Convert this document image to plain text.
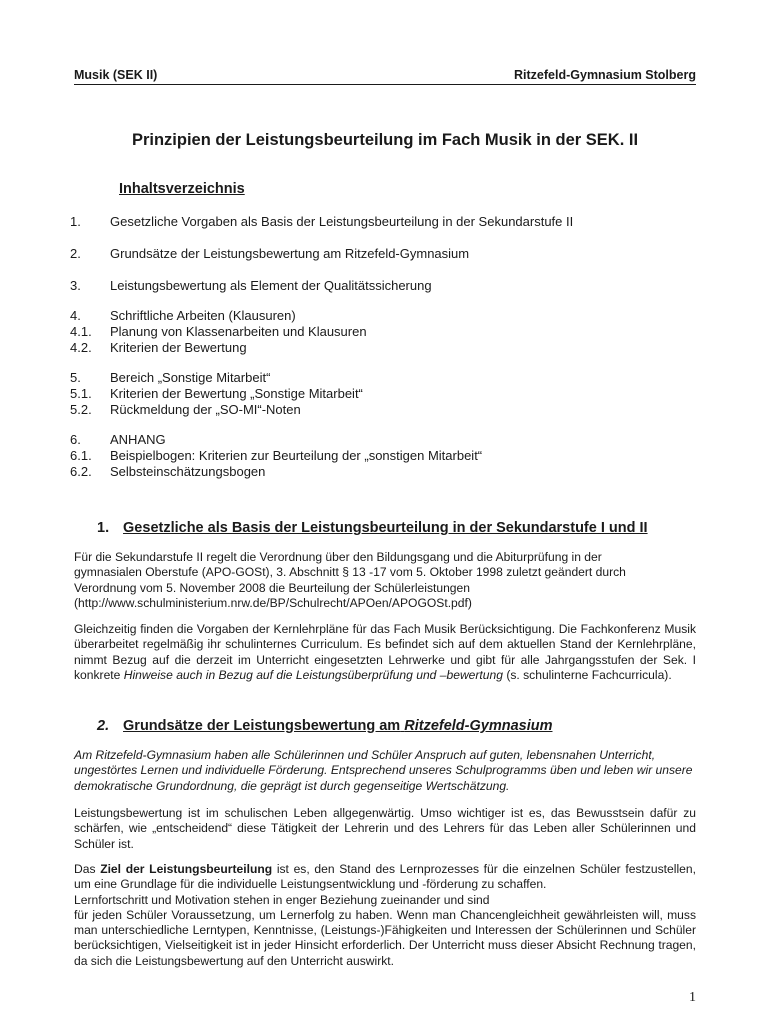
Musik (SEK II)	Ritzefeld-Gymnasium Stolberg
Prinzipien der Leistungsbeurteilung im Fach Musik in der SEK. II
Inhaltsverzeichnis
1.	Gesetzliche Vorgaben als Basis der Leistungsbeurteilung in der Sekundarstufe II
2.	Grundsätze der Leistungsbewertung am Ritzefeld-Gymnasium
3.	Leistungsbewertung als Element der Qualitätssicherung
4.	Schriftliche Arbeiten (Klausuren)
4.1.	Planung von Klassenarbeiten und Klausuren
4.2.	Kriterien der Bewertung
5.	Bereich „Sonstige Mitarbeit“
5.1.	Kriterien der Bewertung „Sonstige Mitarbeit“
5.2.	Rückmeldung der „SO-MI“-Noten
6.	ANHANG
6.1.	Beispielbogen: Kriterien zur Beurteilung der „sonstigen Mitarbeit“
6.2.	Selbsteinschätzungsbogen
1. Gesetzliche als Basis der Leistungsbeurteilung in der Sekundarstufe I und II
Für die Sekundarstufe II regelt die Verordnung über den Bildungsgang und die Abiturprüfung in der
gymnasialen Oberstufe (APO-GOSt), 3. Abschnitt § 13 -17 vom 5. Oktober 1998 zuletzt geändert durch
Verordnung vom 5. November 2008 die Beurteilung der Schülerleistungen
(http://www.schulministerium.nrw.de/BP/Schulrecht/APOen/APOGOSt.pdf)

Gleichzeitig finden die Vorgaben der Kernlehrpläne für das Fach Musik Berücksichtigung. Die Fachkonferenz Musik überarbeitet regelmäßig ihr schulinternes Curriculum. Es befindet sich auf dem aktuellen Stand der Kernlehrpläne, nimmt Bezug auf die derzeit im Unterricht eingesetzten Lehrwerke und gibt für alle Jahrgangsstufen der Sek. I konkrete Hinweise auch in Bezug auf die Leistungsüberprüfung und –bewertung (s. schulinterne Fachcurricula).

2. Grundsätze der Leistungsbewertung am Ritzefeld-Gymnasium

Am Ritzefeld-Gymnasium haben alle Schülerinnen und Schüler Anspruch auf guten, lebensnahen Unterricht, ungestörtes Lernen und individuelle Förderung. Entsprechend unseres Schulprogramms üben und leben wir unsere demokratische Grundordnung, die geprägt ist durch gegenseitige Wertschätzung.

Leistungsbewertung ist im schulischen Leben allgegenwärtig. Umso wichtiger ist es, das Bewusstsein dafür zu schärfen, wie „entscheidend“ diese Tätigkeit der Lehrerin und des Lehrers für das Leben aller Schülerinnen und Schüler ist.

Das Ziel der Leistungsbeurteilung ist es, den Stand des Lernprozesses für die einzelnen Schüler festzustellen, um eine Grundlage für die individuelle Leistungsentwicklung und -förderung zu schaffen.
Lernfortschritt und Motivation stehen in enger Beziehung zueinander und sind
für jeden Schüler Voraussetzung, um Lernerfolg zu haben. Wenn man Chancengleichheit gewährleisten will, muss man unterschiedliche Lerntypen, Kenntnisse, (Leistungs-)Fähigkeiten und Interessen der Schülerinnen und Schüler berücksichtigen, Vielseitigkeit ist in jeder Hinsicht erforderlich. Der Unterricht muss dieser Absicht Rechnung tragen, da sich die Leistungsbewertung auf den Unterricht auswirkt.
1
